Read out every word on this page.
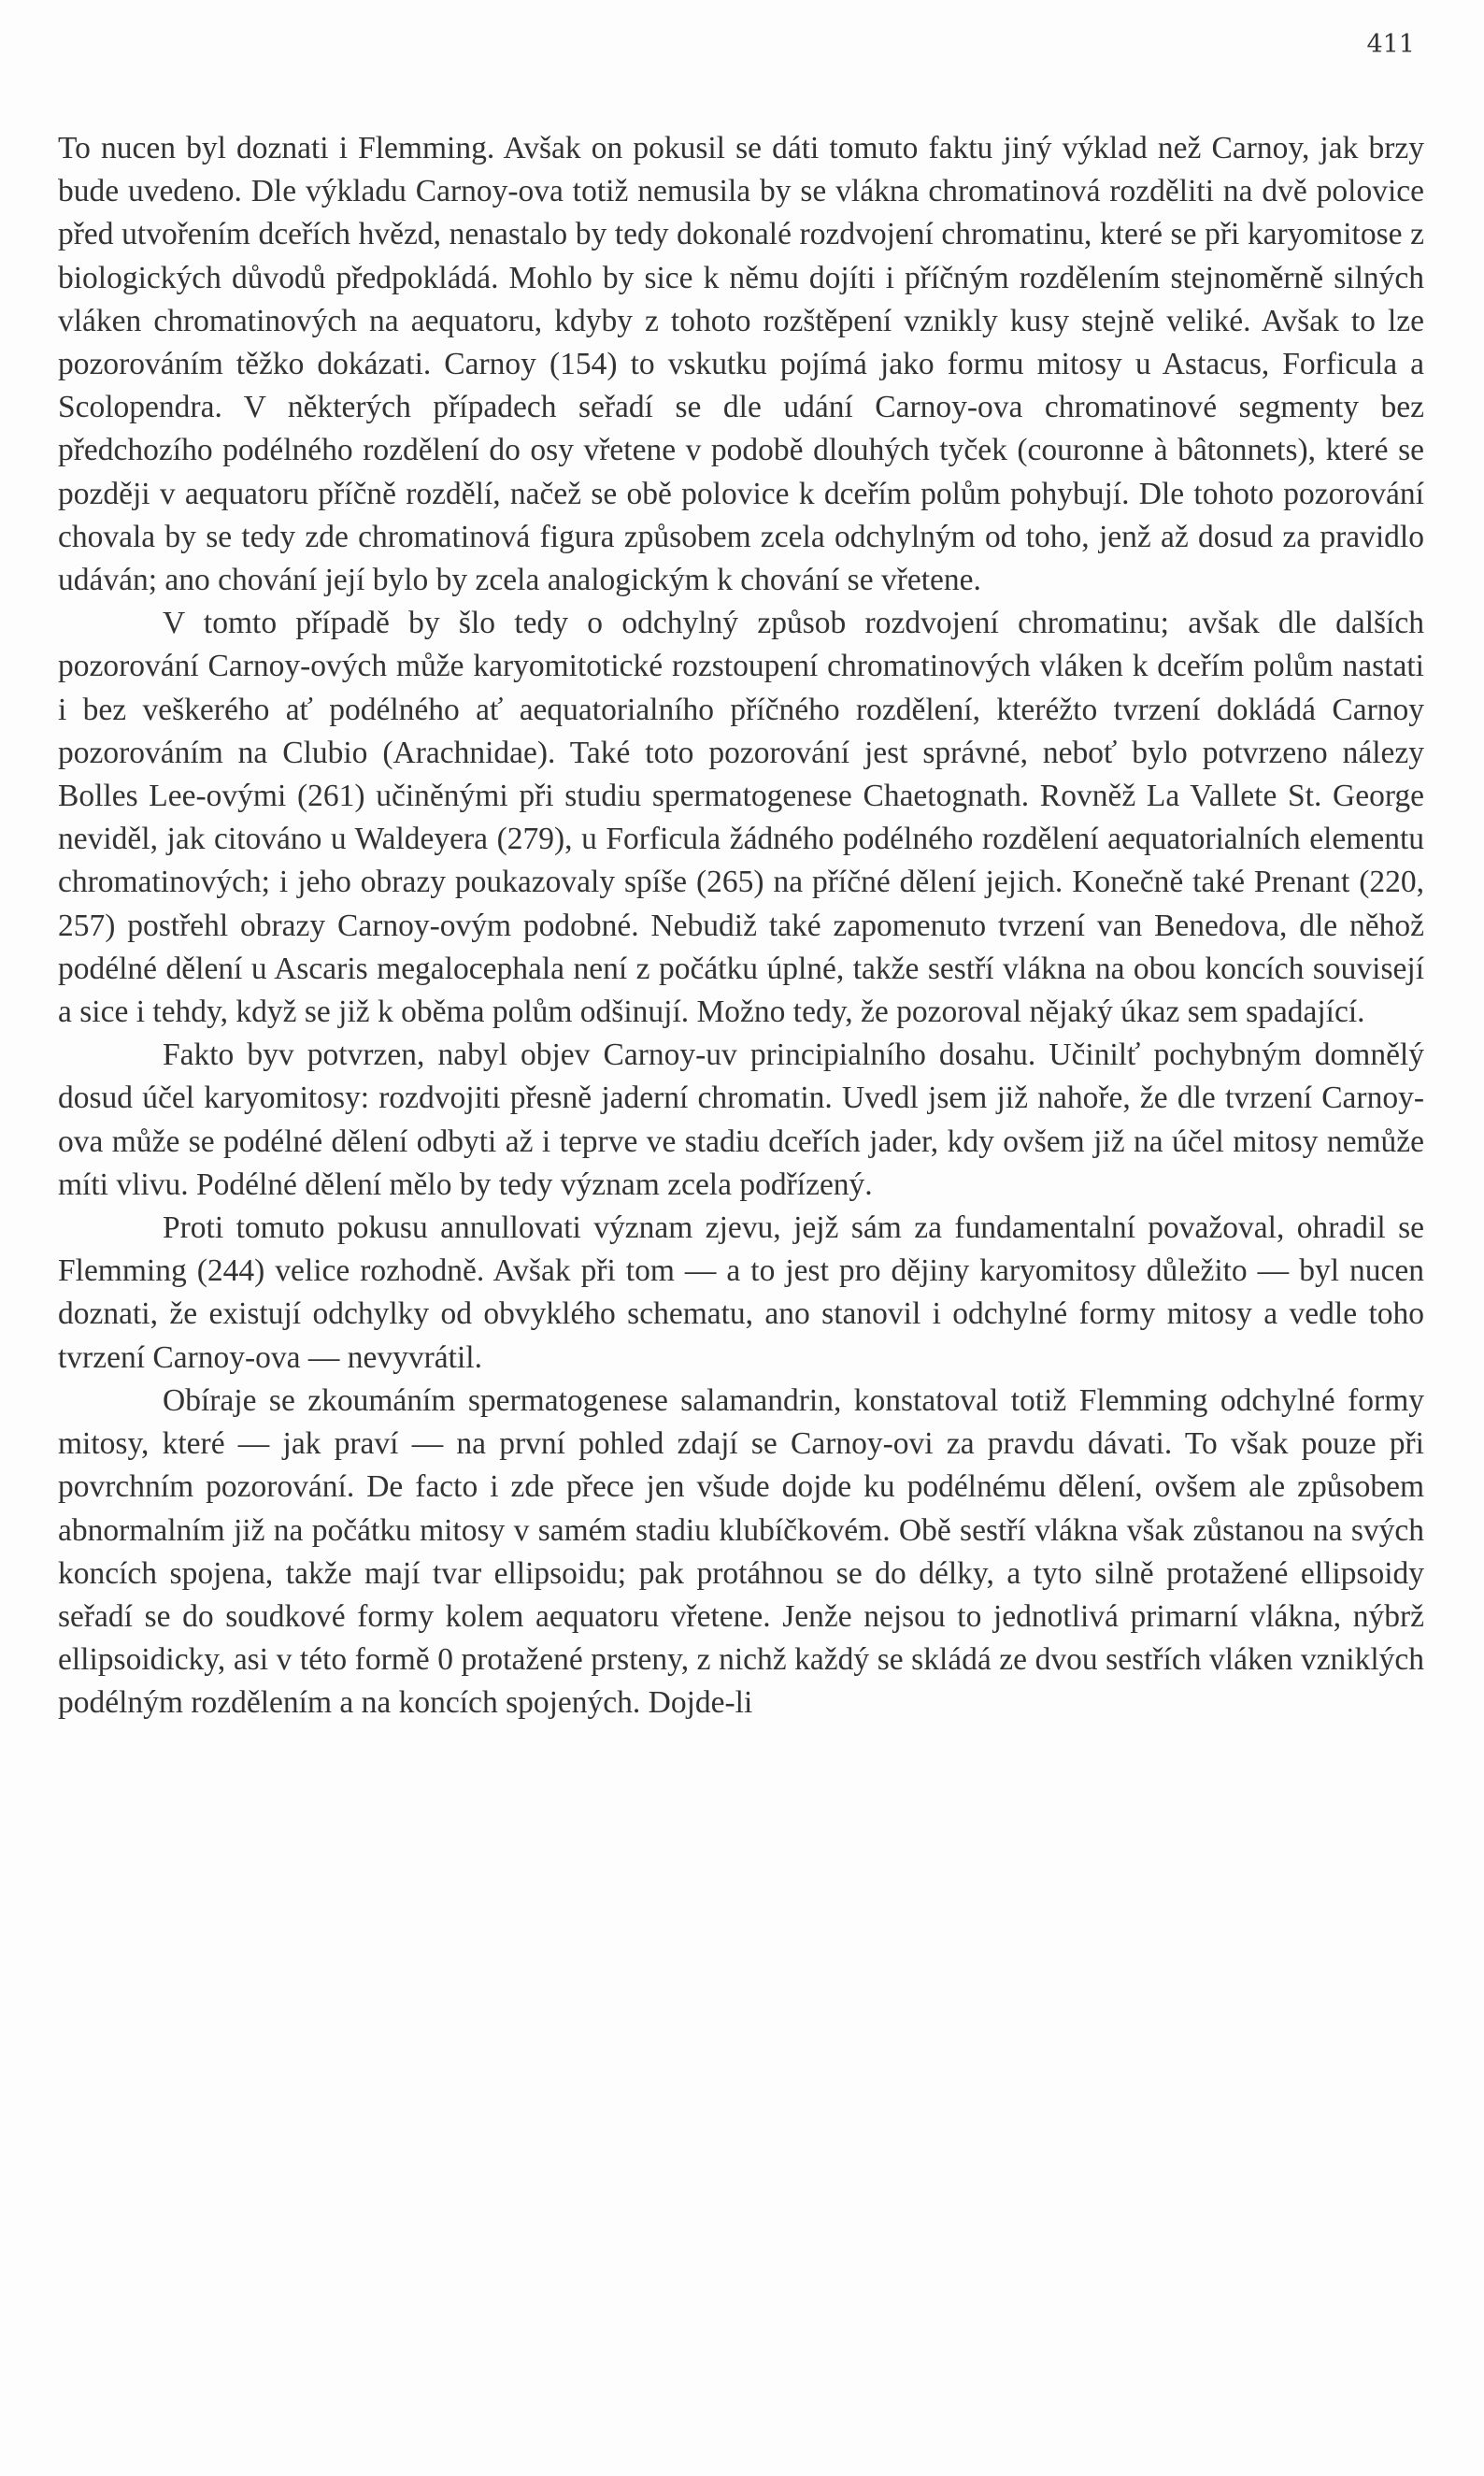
411

To nucen byl doznati i Flemming. Avšak on pokusil se dáti tomuto faktu jiný výklad než Carnoy, jak brzy bude uvedeno. Dle výkladu Carnoy-ova totiž nemusila by se vlákna chromatinová rozděliti na dvě polovice před utvořením dceřích hvězd, nenastalo by tedy dokonalé rozdvojení chromatinu, které se při karyomitose z biologických důvodů předpokládá. Mohlo by sice k němu dojíti i příčným rozdělením stejnoměrně silných vláken chromatinových na aequatoru, kdyby z tohoto rozštěpení vznikly kusy stejně veliké. Avšak to lze pozorováním těžko dokázati. Carnoy (154) to vskutku pojímá jako formu mitosy u Astacus, Forficula a Scolopendra. V některých případech seřadí se dle udání Carnoy-ova chromatinové segmenty bez předchozího podélného rozdělení do osy vřetene v podobě dlouhých tyček (couronne à bâtonnets), které se později v aequatoru příčně rozdělí, načež se obě polovice k dceřím polům pohybují. Dle tohoto pozorování chovala by se tedy zde chromatinová figura způsobem zcela odchylným od toho, jenž až dosud za pravidlo udáván; ano chování její bylo by zcela analogickým k chování se vřetene.

V tomto případě by šlo tedy o odchylný způsob rozdvojení chromatinu; avšak dle dalších pozorování Carnoy-ových může karyomitotické rozstoupení chromatinových vláken k dceřím polům nastati i bez veškerého ať podélného ať aequatorialního příčného rozdělení, kteréžto tvrzení dokládá Carnoy pozorováním na Clubio (Arachnidae). Také toto pozorování jest správné, neboť bylo potvrzeno nálezy Bolles Lee-ovými (261) učiněnými při studiu spermatogenese Chaetognath. Rovněž La Vallete St. George neviděl, jak citováno u Waldeyera (279), u Forficula žádného podélného rozdělení aequatorialních elementu chromatinových; i jeho obrazy poukazovaly spíše (265) na příčné dělení jejich. Konečně také Prenant (220, 257) postřehl obrazy Carnoy-ovým podobné. Nebudiž také zapomenuto tvrzení van Benedova, dle něhož podélné dělení u Ascaris megalocephala není z počátku úplné, takže sestří vlákna na obou koncích souvisejí a sice i tehdy, když se již k oběma polům odšinují. Možno tedy, že pozoroval nějaký úkaz sem spadající.

Fakto byv potvrzen, nabyl objev Carnoy-uv principialního dosahu. Učinilť pochybným domnělý dosud účel karyomitosy: rozdvojiti přesně jaderní chromatin. Uvedl jsem již nahoře, že dle tvrzení Carnoy-ova může se podélné dělení odbyti až i teprve ve stadiu dceřích jader, kdy ovšem již na účel mitosy nemůže míti vlivu. Podélné dělení mělo by tedy význam zcela podřízený.

Proti tomuto pokusu annullovati význam zjevu, jejž sám za fundamentalní považoval, ohradil se Flemming (244) velice rozhodně. Avšak při tom — a to jest pro dějiny karyomitosy důležito — byl nucen doznati, že existují odchylky od obvyklého schematu, ano stanovil i odchylné formy mitosy a vedle toho tvrzení Carnoy-ova — nevyvrátil.

Obíraje se zkoumáním spermatogenese salamandrin, konstatoval totiž Flemming odchylné formy mitosy, které — jak praví — na první pohled zdají se Carnoy-ovi za pravdu dávati. To však pouze při povrchním pozorování. De facto i zde přece jen všude dojde ku podélnému dělení, ovšem ale způsobem abnormalním již na počátku mitosy v samém stadiu klubíčkovém. Obě sestří vlákna však zůstanou na svých koncích spojena, takže mají tvar ellipsoidu; pak protáhnou se do délky, a tyto silně protažené ellipsoidy seřadí se do soudkové formy kolem aequatoru vřetene. Jenže nejsou to jednotlivá primarní vlákna, nýbrž ellipsoidicky, asi v této formě 0 protažené prsteny, z nichž každý se skládá ze dvou sestřích vláken vzniklých podélným rozdělením a na koncích spojených. Dojde-li
